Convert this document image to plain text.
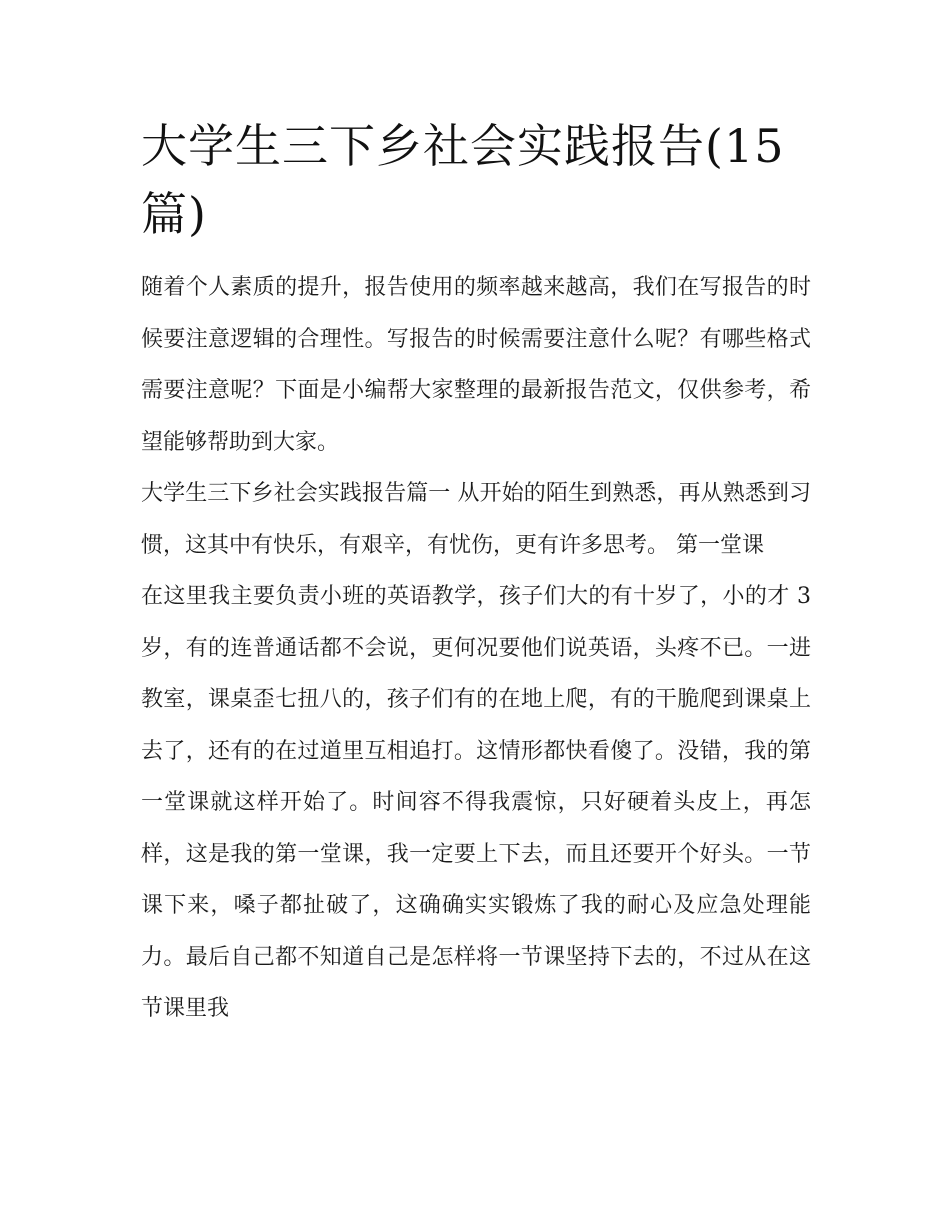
大学生三下乡社会实践报告(15篇)

随着个人素质的提升，报告使用的频率越来越高，我们在写报告的时候要注意逻辑的合理性。写报告的时候需要注意什么呢？有哪些格式需要注意呢？下面是小编帮大家整理的最新报告范文，仅供参考，希望能够帮助到大家。

大学生三下乡社会实践报告篇一 从开始的陌生到熟悉，再从熟悉到习惯，这其中有快乐，有艰辛，有忧伤，更有许多思考。 第一堂课

在这里我主要负责小班的英语教学，孩子们大的有十岁了，小的才 3 岁，有的连普通话都不会说，更何况要他们说英语，头疼不已。一进教室，课桌歪七扭八的，孩子们有的在地上爬，有的干脆爬到课桌上去了，还有的在过道里互相追打。这情形都快看傻了。没错，我的第一堂课就这样开始了。时间容不得我震惊，只好硬着头皮上，再怎样，这是我的第一堂课，我一定要上下去，而且还要开个好头。一节课下来，嗓子都扯破了，这确确实实锻炼了我的耐心及应急处理能力。最后自己都不知道自己是怎样将一节课坚持下去的，不过从在这节课里我
